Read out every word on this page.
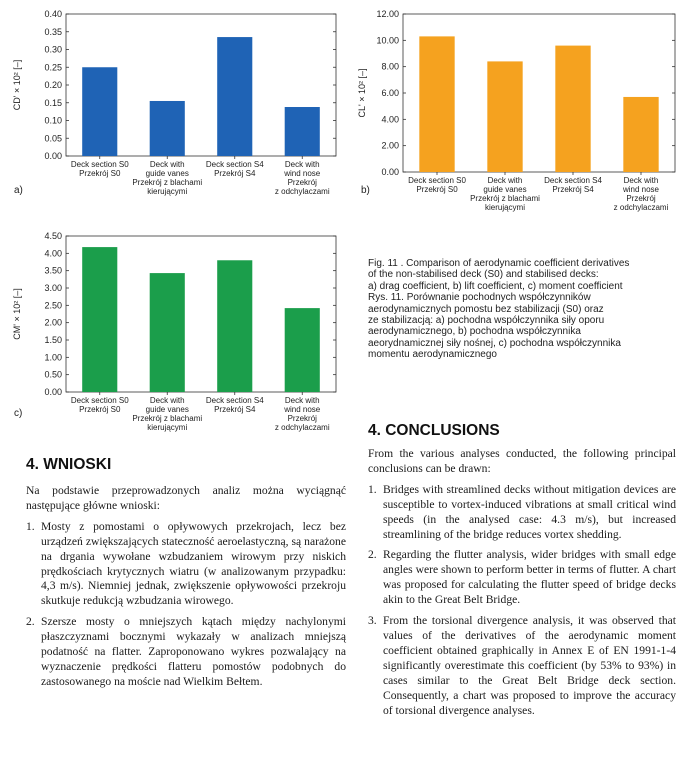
0.00
0.05
0.10
0.15
0.20
0.25
0.30
0.35
0.40
Deck section S0
Przekrój S0
Deck with
guide vanes
Przekrój z blachami
kierującymi
Deck section S4
Przekrój S4
Deck with
wind nose
Przekrój
z odchylaczami
CD' × 10² [–]
a)
0.00
2.00
4.00
6.00
8.00
10.00
12.00
Deck section S0
Przekrój S0
Deck with
guide vanes
Przekrój z blachami
kierującymi
Deck section S4
Przekrój S4
Deck with
wind nose
Przekrój
z odchylaczami
CL' × 10² [–]
b)
0.00
0.50
1.00
1.50
2.00
2.50
3.00
3.50
4.00
4.50
Deck section S0
Przekrój S0
Deck with
guide vanes
Przekrój z blachami
kierującymi
Deck section S4
Przekrój S4
Deck with
wind nose
Przekrój
z odchylaczami
CM' × 10² [–]
c)
Fig. 11 . Comparison of aerodynamic coefficient derivatives
of the non-stabilised deck (S0) and stabilised decks:
a) drag coefficient, b) lift coefficient, c) moment coefficient
Rys. 11. Porównanie pochodnych współczynników
aerodynamicznych pomostu bez stabilizacji (S0) oraz
ze stabilizacją: a) pochodna współczynnika siły oporu
aerodynamicznego, b) pochodna współczynnika
aeorydnamicznej siły nośnej, c) pochodna współczynnika
momentu aerodynamicznego
4. WNIOSKI

Na podstawie przeprowadzonych analiz można wyciągnąć następujące główne wnioski:

1. Mosty z pomostami o opływowych przekrojach, lecz bez urządzeń zwiększających stateczność aeroelastyczną, są narażone na drgania wywołane wzbudzaniem wirowym przy niskich prędkościach krytycznych wiatru (w analizowanym przypadku: 4,3 m/s). Niemniej jednak, zwiększenie opływowości przekroju skutkuje redukcją wzbudzania wirowego.
2. Szersze mosty o mniejszych kątach między nachylonymi płaszczyznami bocznymi wykazały w analizach mniejszą podatność na flatter. Zaproponowano wykres pozwalający na wyznaczenie prędkości flatteru pomostów podobnych do zastosowanego na moście nad Wielkim Bełtem.
4. CONCLUSIONS

From the various analyses conducted, the following principal conclusions can be drawn:

1. Bridges with streamlined decks without mitigation devices are susceptible to vortex-induced vibrations at small critical wind speeds (in the analysed case: 4.3 m/s), but increased streamlining of the bridge reduces vortex shedding.
2. Regarding the flutter analysis, wider bridges with small edge angles were shown to perform better in terms of flutter. A chart was proposed for calculating the flutter speed of bridge decks akin to the Great Belt Bridge.
3. From the torsional divergence analysis, it was observed that values of the derivatives of the aerodynamic moment coefficient obtained graphically in Annex E of EN 1991-1-4 significantly overestimate this coefficient (by 53% to 93%) in cases similar to the Great Belt Bridge deck section. Consequently, a chart was proposed to improve the accuracy of torsional divergence analyses.
